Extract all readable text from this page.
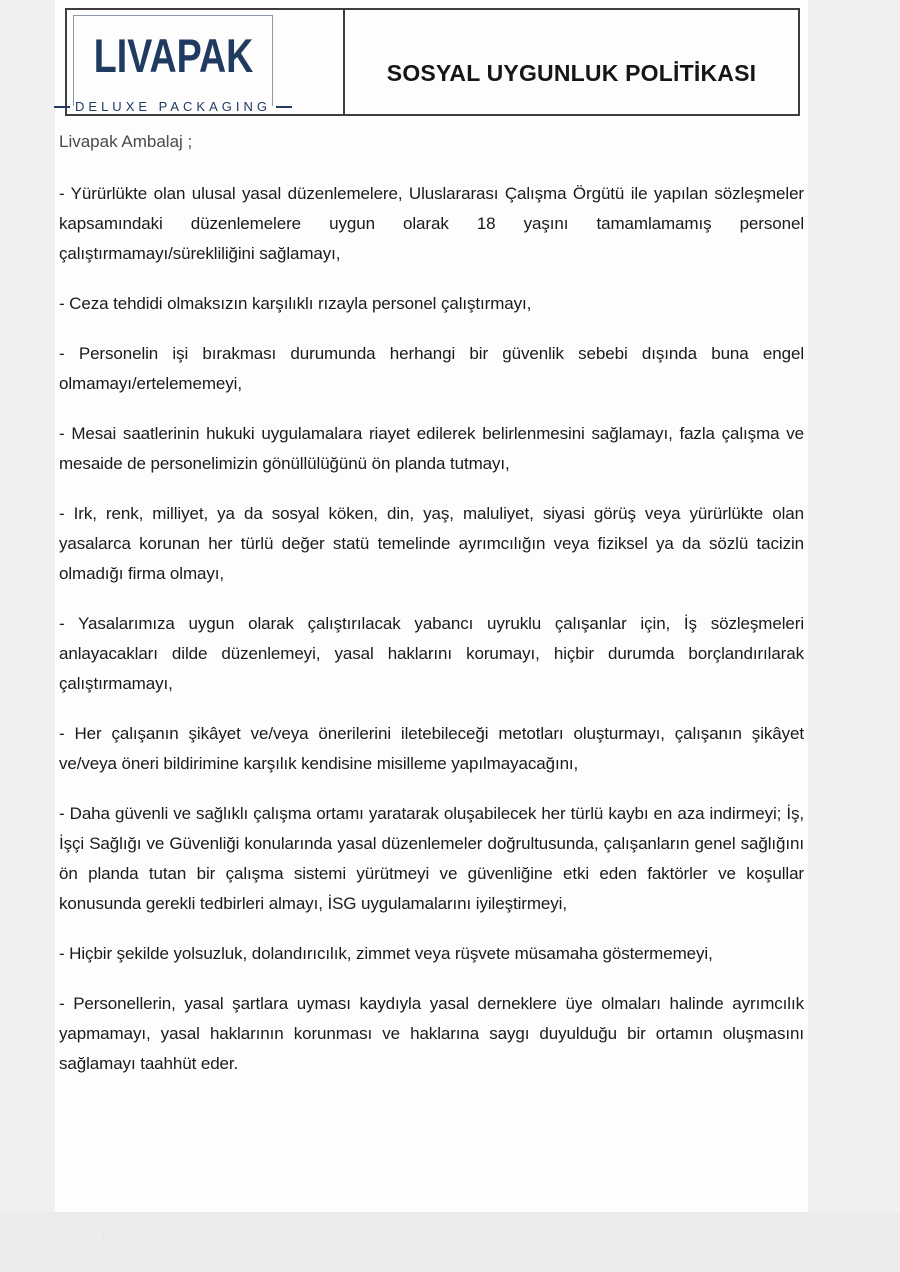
LIVAPAK
DELUXE PACKAGING
SOSYAL UYGUNLUK POLİTİKASI

Livapak Ambalaj ;

- Yürürlükte olan ulusal yasal düzenlemelere, Uluslararası Çalışma Örgütü ile yapılan sözleşmeler kapsamındaki düzenlemelere uygun olarak 18 yaşını tamamlamamış personel çalıştırmamayı/sürekliliğini sağlamayı,

- Ceza tehdidi olmaksızın karşılıklı rızayla personel çalıştırmayı,

- Personelin işi bırakması durumunda herhangi bir güvenlik sebebi dışında buna engel olmamayı/ertelememeyi,

- Mesai saatlerinin hukuki uygulamalara riayet edilerek belirlenmesini sağlamayı, fazla çalışma ve mesaide de personelimizin gönüllülüğünü ön planda tutmayı,

- Irk, renk, milliyet, ya da sosyal köken, din, yaş, maluliyet, siyasi görüş veya yürürlükte olan yasalarca korunan her türlü değer statü temelinde ayrımcılığın veya fiziksel ya da sözlü tacizin olmadığı firma olmayı,

- Yasalarımıza uygun olarak çalıştırılacak yabancı uyruklu çalışanlar için, İş sözleşmeleri anlayacakları dilde düzenlemeyi, yasal haklarını korumayı, hiçbir durumda borçlandırılarak çalıştırmamayı,

- Her çalışanın şikâyet ve/veya önerilerini iletebileceği metotları oluşturmayı, çalışanın şikâyet ve/veya öneri bildirimine karşılık kendisine misilleme yapılmayacağını,

- Daha güvenli ve sağlıklı çalışma ortamı yaratarak oluşabilecek her türlü kaybı en aza indirmeyi; İş, İşçi Sağlığı ve Güvenliği konularında yasal düzenlemeler doğrultusunda, çalışanların genel sağlığını ön planda tutan bir çalışma sistemi yürütmeyi ve güvenliğine etki eden faktörler ve koşullar konusunda gerekli tedbirleri almayı, İSG uygulamalarını iyileştirmeyi,

- Hiçbir şekilde yolsuzluk, dolandırıcılık, zimmet veya rüşvete müsamaha göstermemeyi,

- Personellerin, yasal şartlara uyması kaydıyla yasal derneklere üye olmaları halinde ayrımcılık yapmamayı, yasal haklarının korunması ve haklarına saygı duyulduğu bir ortamın oluşmasını sağlamayı taahhüt eder.
